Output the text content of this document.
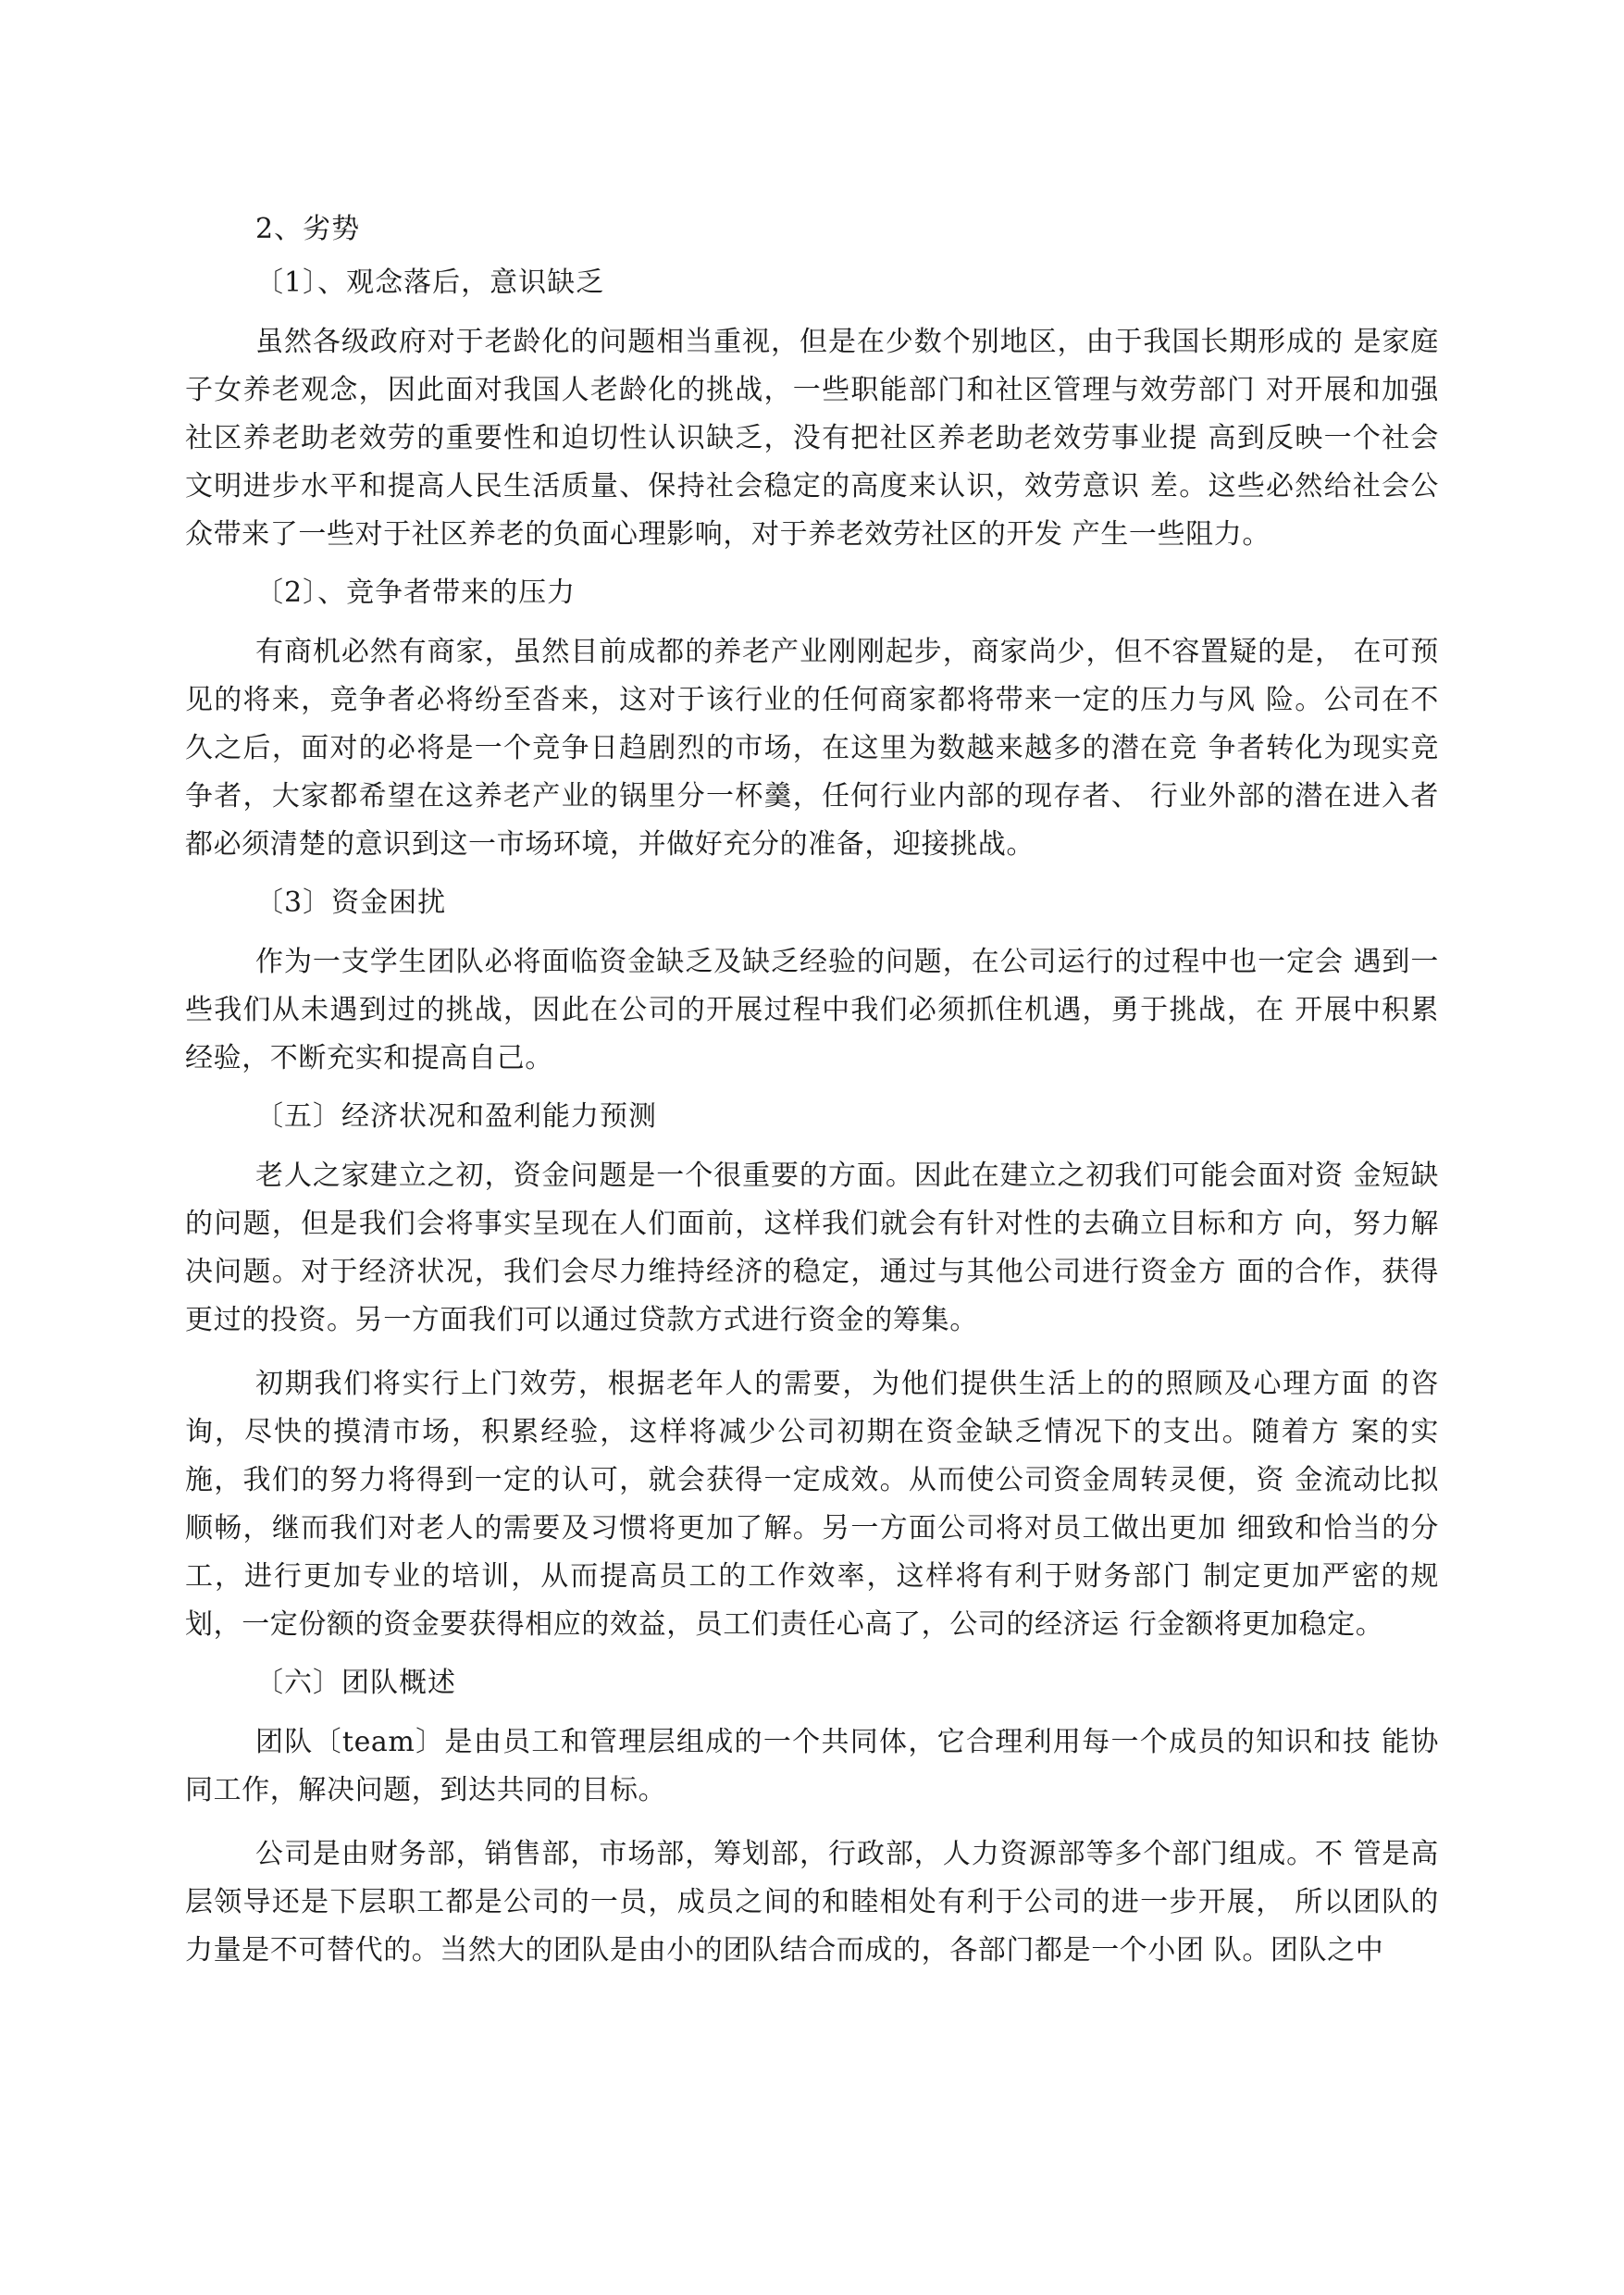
2、劣势
〔1〕、观念落后，意识缺乏

虽然各级政府对于老龄化的问题相当重视，但是在少数个别地区，由于我国长期形成的 是家庭子女养老观念，因此面对我国人老龄化的挑战，一些职能部门和社区管理与效劳部门 对开展和加强社区养老助老效劳的重要性和迫切性认识缺乏，没有把社区养老助老效劳事业提 高到反映一个社会文明进步水平和提高人民生活质量、保持社会稳定的高度来认识，效劳意识 差。这些必然给社会公众带来了一些对于社区养老的负面心理影响，对于养老效劳社区的开发 产生一些阻力。

〔2〕、竞争者带来的压力

有商机必然有商家，虽然目前成都的养老产业刚刚起步，商家尚少，但不容置疑的是， 在可预见的将来，竞争者必将纷至沓来，这对于该行业的任何商家都将带来一定的压力与风 险。公司在不久之后，面对的必将是一个竞争日趋剧烈的市场，在这里为数越来越多的潜在竞 争者转化为现实竞争者，大家都希望在这养老产业的锅里分一杯羹，任何行业内部的现存者、 行业外部的潜在进入者都必须清楚的意识到这一市场环境，并做好充分的准备，迎接挑战。

〔3〕资金困扰

作为一支学生团队必将面临资金缺乏及缺乏经验的问题，在公司运行的过程中也一定会 遇到一些我们从未遇到过的挑战，因此在公司的开展过程中我们必须抓住机遇，勇于挑战，在 开展中积累经验，不断充实和提高自己。

〔五〕经济状况和盈利能力预测

老人之家建立之初，资金问题是一个很重要的方面。因此在建立之初我们可能会面对资 金短缺的问题，但是我们会将事实呈现在人们面前，这样我们就会有针对性的去确立目标和方 向，努力解决问题。对于经济状况，我们会尽力维持经济的稳定，通过与其他公司进行资金方 面的合作，获得更过的投资。另一方面我们可以通过贷款方式进行资金的筹集。

初期我们将实行上门效劳，根据老年人的需要，为他们提供生活上的的照顾及心理方面 的咨询，尽快的摸清市场，积累经验，这样将减少公司初期在资金缺乏情况下的支出。随着方 案的实施，我们的努力将得到一定的认可，就会获得一定成效。从而使公司资金周转灵便，资 金流动比拟顺畅，继而我们对老人的需要及习惯将更加了解。另一方面公司将对员工做出更加 细致和恰当的分工，进行更加专业的培训，从而提高员工的工作效率，这样将有利于财务部门 制定更加严密的规划，一定份额的资金要获得相应的效益，员工们责任心高了，公司的经济运 行金额将更加稳定。

〔六〕团队概述

团队〔team〕是由员工和管理层组成的一个共同体，它合理利用每一个成员的知识和技 能协同工作，解决问题，到达共同的目标。

公司是由财务部，销售部，市场部，筹划部，行政部，人力资源部等多个部门组成。不 管是高层领导还是下层职工都是公司的一员，成员之间的和睦相处有利于公司的进一步开展， 所以团队的力量是不可替代的。当然大的团队是由小的团队结合而成的，各部门都是一个小团 队。团队之中
